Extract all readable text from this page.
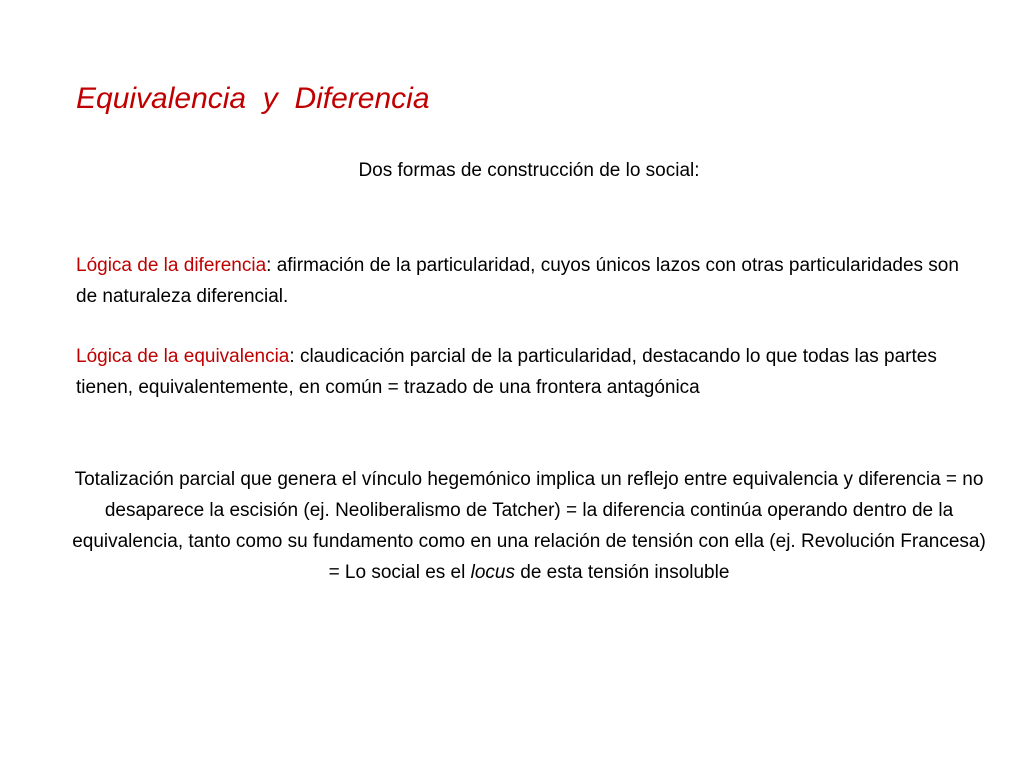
Equivalencia  y  Diferencia

Dos formas de construcción de lo social:

Lógica de la diferencia: afirmación de la particularidad, cuyos únicos lazos con otras particularidades son de naturaleza diferencial.

Lógica de la equivalencia: claudicación parcial de la particularidad, destacando lo que todas las partes tienen, equivalentemente, en común = trazado de una frontera antagónica

Totalización parcial que genera el vínculo hegemónico implica un reflejo entre equivalencia y diferencia = no desaparece la escisión (ej. Neoliberalismo de Tatcher) = la diferencia continúa operando dentro de la equivalencia, tanto como su fundamento como en una relación de tensión con ella (ej. Revolución Francesa) = Lo social es el locus de esta tensión insoluble
